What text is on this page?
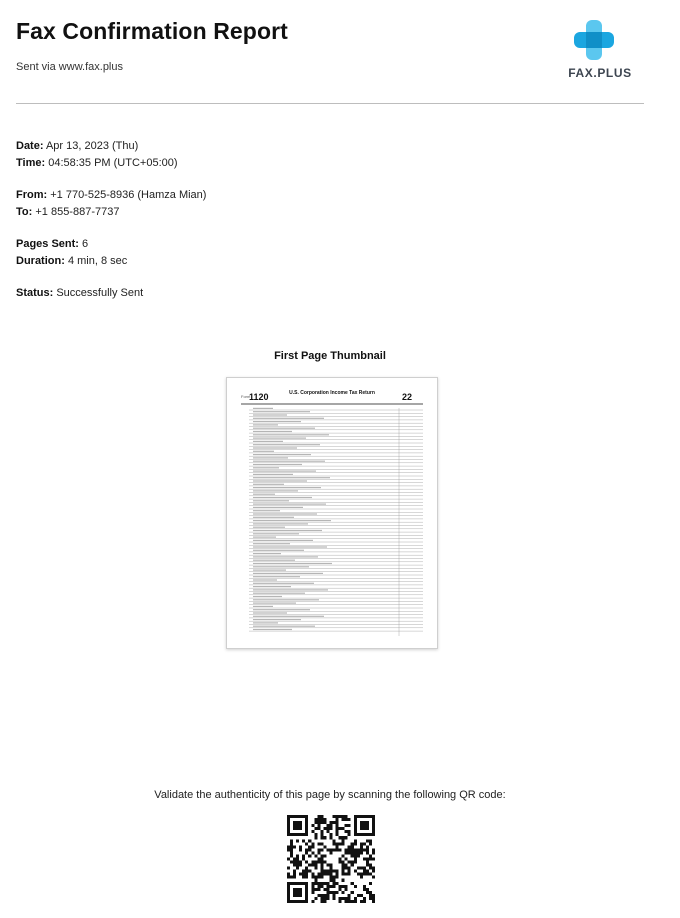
Fax Confirmation Report
Sent via www.fax.plus	FAX.PLUS
Date: Apr 13, 2023 (Thu)
Time: 04:58:35 PM (UTC+05:00)
From: +1 770-525-8936 (Hamza Mian)
To: +1 855-887-7737
Pages Sent: 6
Duration: 4 min, 8 sec
Status: Successfully Sent
First Page Thumbnail
Form
1120	U.S. Corporation Income Tax Return	22
Validate the authenticity of this page by scanning the following QR code:
